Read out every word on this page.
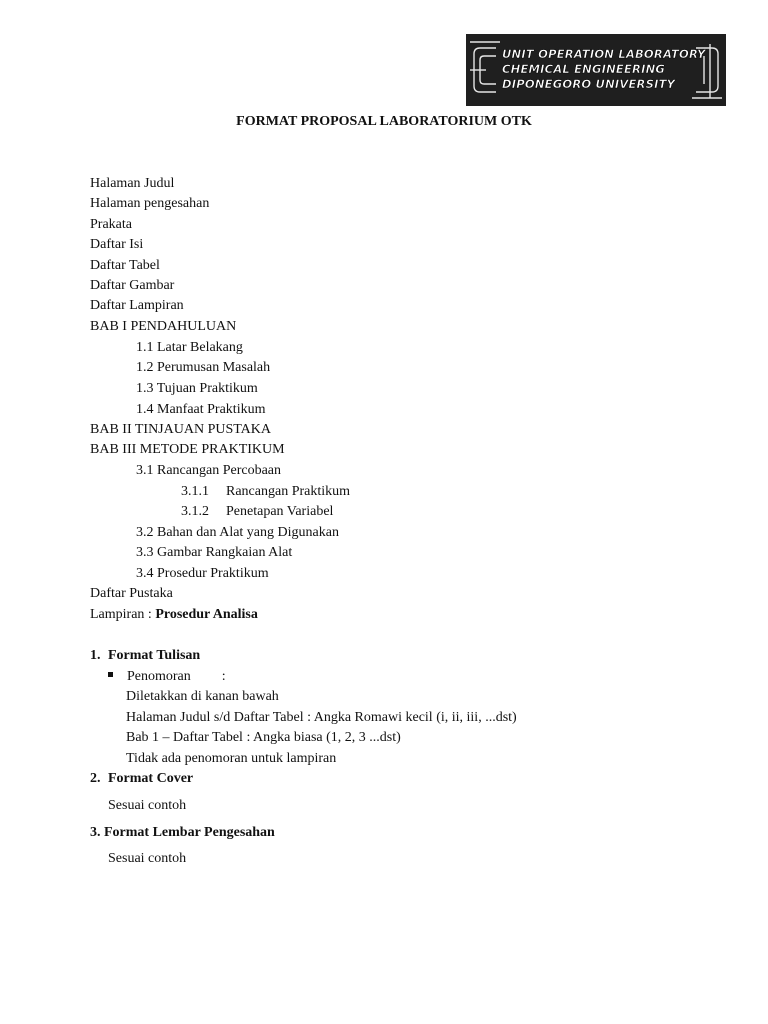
UNIT OPERATION LABORATORY
CHEMICAL ENGINEERING
DIPONEGORO UNIVERSITY
FORMAT PROPOSAL LABORATORIUM OTK
Halaman Judul
Halaman pengesahan
Prakata
Daftar Isi
Daftar Tabel
Daftar Gambar
Daftar Lampiran
BAB I PENDAHULUAN
1.1 Latar Belakang
1.2 Perumusan Masalah
1.3 Tujuan Praktikum
1.4 Manfaat Praktikum
BAB II TINJAUAN PUSTAKA
BAB III METODE PRAKTIKUM
3.1 Rancangan Percobaan
3.1.1 Rancangan Praktikum
3.1.2 Penetapan Variabel
3.2 Bahan dan Alat yang Digunakan
3.3 Gambar Rangkaian Alat
3.4 Prosedur Praktikum
Daftar Pustaka
Lampiran : Prosedur Analisa
1. Format Tulisan
Penomoran :
Diletakkan di kanan bawah
Halaman Judul s/d Daftar Tabel : Angka Romawi kecil (i, ii, iii, ...dst)
Bab 1 – Daftar Tabel : Angka biasa (1, 2, 3 ...dst)
Tidak ada penomoran untuk lampiran
2. Format Cover
Sesuai contoh
3. Format Lembar Pengesahan
Sesuai contoh
